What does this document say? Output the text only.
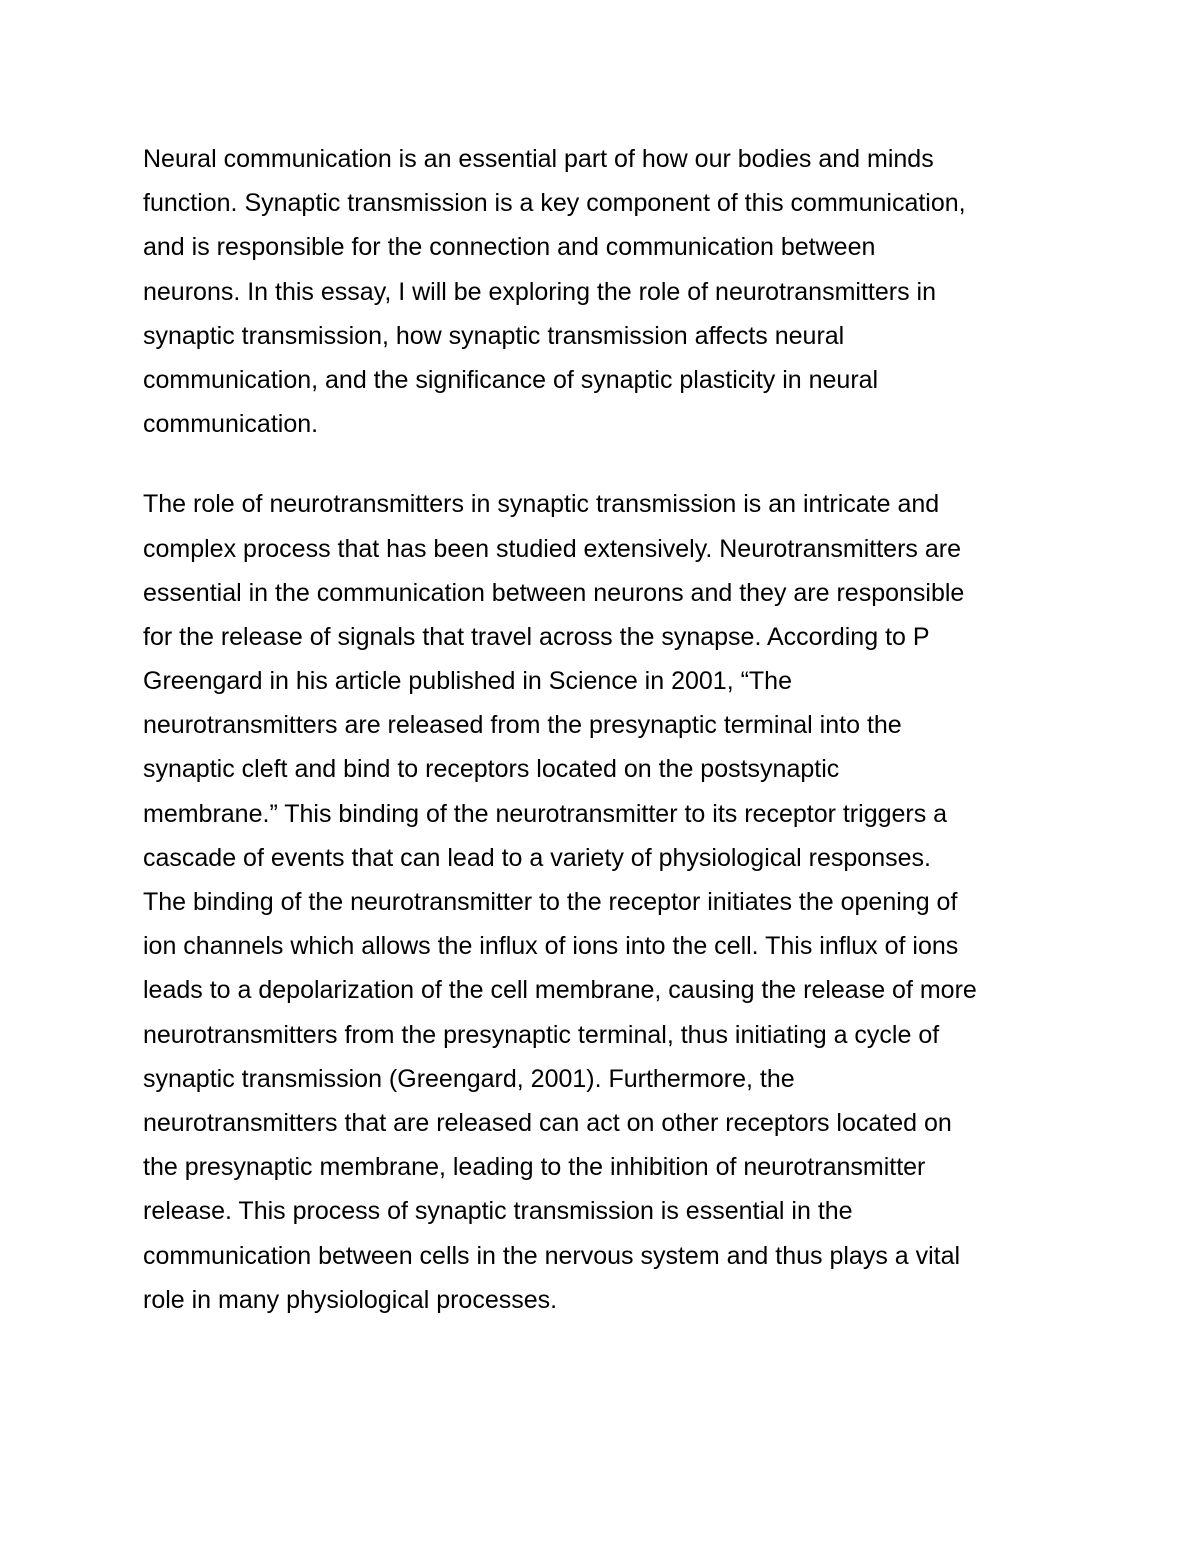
Neural communication is an essential part of how our bodies and minds
function. Synaptic transmission is a key component of this communication,
and is responsible for the connection and communication between
neurons. In this essay, I will be exploring the role of neurotransmitters in
synaptic transmission, how synaptic transmission affects neural
communication, and the significance of synaptic plasticity in neural
communication.
The role of neurotransmitters in synaptic transmission is an intricate and
complex process that has been studied extensively. Neurotransmitters are
essential in the communication between neurons and they are responsible
for the release of signals that travel across the synapse. According to P
Greengard in his article published in Science in 2001, “The
neurotransmitters are released from the presynaptic terminal into the
synaptic cleft and bind to receptors located on the postsynaptic
membrane.” This binding of the neurotransmitter to its receptor triggers a
cascade of events that can lead to a variety of physiological responses.
The binding of the neurotransmitter to the receptor initiates the opening of
ion channels which allows the influx of ions into the cell. This influx of ions
leads to a depolarization of the cell membrane, causing the release of more
neurotransmitters from the presynaptic terminal, thus initiating a cycle of
synaptic transmission (Greengard, 2001). Furthermore, the
neurotransmitters that are released can act on other receptors located on
the presynaptic membrane, leading to the inhibition of neurotransmitter
release. This process of synaptic transmission is essential in the
communication between cells in the nervous system and thus plays a vital
role in many physiological processes.
